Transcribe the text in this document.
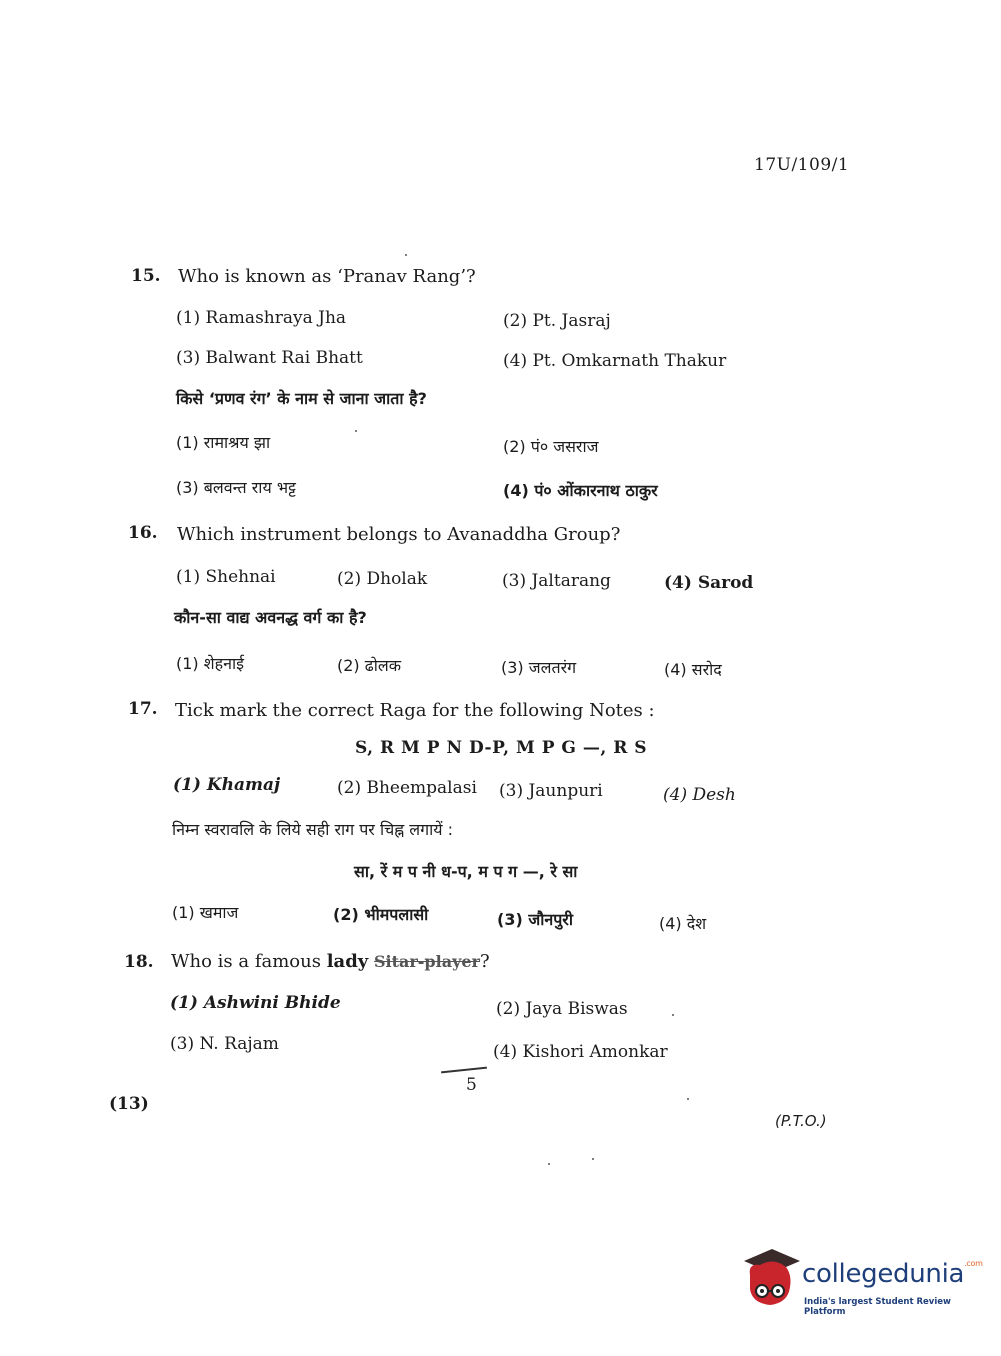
17U/109/1
15. Who is known as ‘Pranav Rang’?
(1) Ramashraya Jha	(2) Pt. Jasraj
(3) Balwant Rai Bhatt	(4) Pt. Omkarnath Thakur
किसे ‘प्रणव रंग’ के नाम से जाना जाता है?
(1) रामाश्रय झा	(2) पं० जसराज
(3) बलवन्त राय भट्ट	(4) पं० ओंकारनाथ ठाकुर
16. Which instrument belongs to Avanaddha Group?
(1) Shehnai	(2) Dholak	(3) Jaltarang	(4) Sarod
कौन-सा वाद्य अवनद्ध वर्ग का है?
(1) शेहनाई	(2) ढोलक	(3) जलतरंग	(4) सरोद
17. Tick mark the correct Raga for the following Notes :
S, R M P N D-P, M P G —, R S
(1) Khamaj	(2) Bheempalasi (3) Jaunpuri	(4) Desh
निम्न स्वरावलि के लिये सही राग पर चिह्न लगायें :
सा, रें म प नी ध-प, म प ग —, रे सा
(1) खमाज	(2) भीमपलासी	(3) जौनपुरी	(4) देश
18. Who is a famous lady Sitar-player?
(1) Ashwini Bhide	(2) Jaya Biswas
(3) N. Rajam	(4) Kishori Amonkar
5
(13)
(P.T.O.)
collegedunia$^{.com}$
India's largest Student Review Platform
